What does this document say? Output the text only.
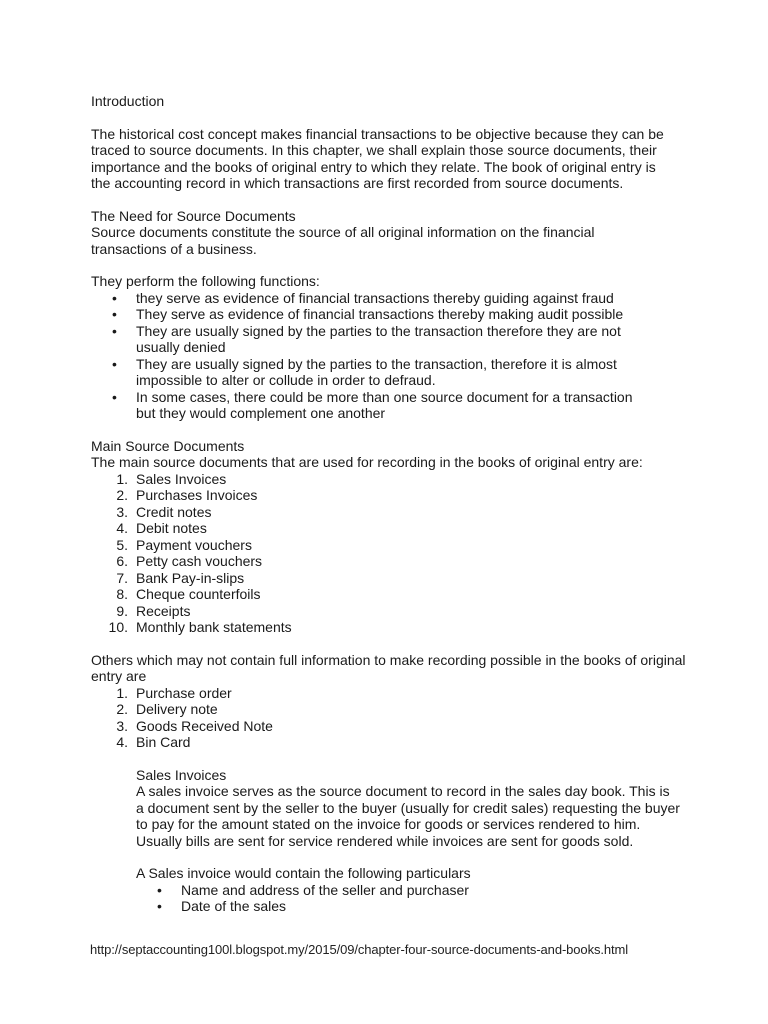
Introduction

The historical cost concept makes financial transactions to be objective because they can be traced to source documents. In this chapter, we shall explain those source documents, their importance and the books of original entry to which they relate. The book of original entry is the accounting record in which transactions are first recorded from source documents.

The Need for Source Documents

Source documents constitute the source of all original information on the financial transactions of a business.

They perform the following functions:

• they serve as evidence of financial transactions thereby guiding against fraud
• They serve as evidence of financial transactions thereby making audit possible
• They are usually signed by the parties to the transaction therefore they are not usually denied
• They are usually signed by the parties to the transaction, therefore it is almost impossible to alter or collude in order to defraud.
• In some cases, there could be more than one source document for a transaction but they would complement one another

Main Source Documents

The main source documents that are used for recording in the books of original entry are:

1. Sales Invoices
2. Purchases Invoices
3. Credit notes
4. Debit notes
5. Payment vouchers
6. Petty cash vouchers
7. Bank Pay-in-slips
8. Cheque counterfoils
9. Receipts
10. Monthly bank statements

Others which may not contain full information to make recording possible in the books of original entry are

1. Purchase order
2. Delivery note
3. Goods Received Note
4. Bin Card

Sales Invoices

A sales invoice serves as the source document to record in the sales day book. This is a document sent by the seller to the buyer (usually for credit sales) requesting the buyer to pay for the amount stated on the invoice for goods or services rendered to him. Usually bills are sent for service rendered while invoices are sent for goods sold.

A Sales invoice would contain the following particulars

• Name and address of the seller and purchaser
• Date of the sales
http://septaccounting100l.blogspot.my/2015/09/chapter-four-source-documents-and-books.html
